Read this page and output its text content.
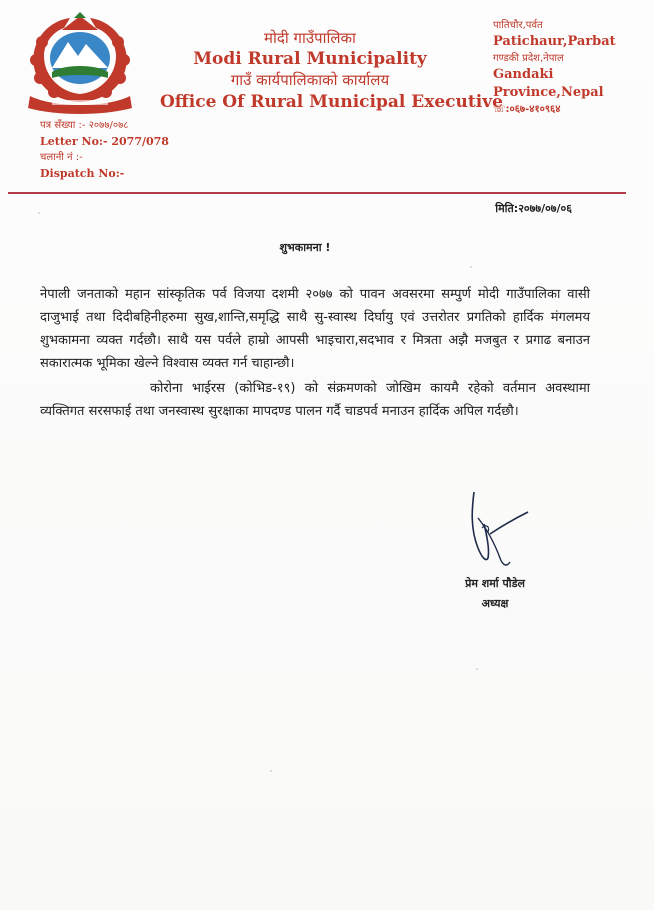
मोदी गाउँपालिका
Modi Rural Municipality
गाउँ कार्यपालिकाको कार्यालय
Office Of Rural Municipal Executive
पातिचौर,पर्वत
Patichaur,Parbat
गण्डकी प्रदेश,नेपाल
Gandaki
Province,Nepal
☏:०६७-४१०९६४
पत्र सँख्या :- २०७७/०७८
Letter No:- 2077/078
चलानी नं :-
Dispatch No:-
मिति:२०७७/०७/०६
शुभकामना !

नेपाली जनताको महान सांस्कृतिक पर्व विजया दशमी २०७७ को पावन अवसरमा सम्पुर्ण मोदी गाउँपालिका वासी दाजुभाई तथा दिदीबहिनीहरुमा सुख,शान्ति,समृद्धि साथै सु-स्वास्थ दिर्घायु एवं उत्तरोतर प्रगतिको हार्दिक मंगलमय शुभकामना व्यक्त गर्दछौ। साथै यस पर्वले हाम्रो आपसी भाइचारा,सदभाव र मित्रता अझै मजबुत र प्रगाढ बनाउन सकारात्मक भूमिका खेल्ने विश्वास व्यक्त गर्न चाहान्छौ।

कोरोना भाईरस (कोभिड-१९) को संक्रमणको जोखिम कायमै रहेको वर्तमान अवस्थामा व्यक्तिगत सरसफाई तथा जनस्वास्थ सुरक्षाका मापदण्ड पालन गर्दै चाडपर्व मनाउन हार्दिक अपिल गर्दछौ।

प्रेम शर्मा पौडेल
अध्यक्ष
